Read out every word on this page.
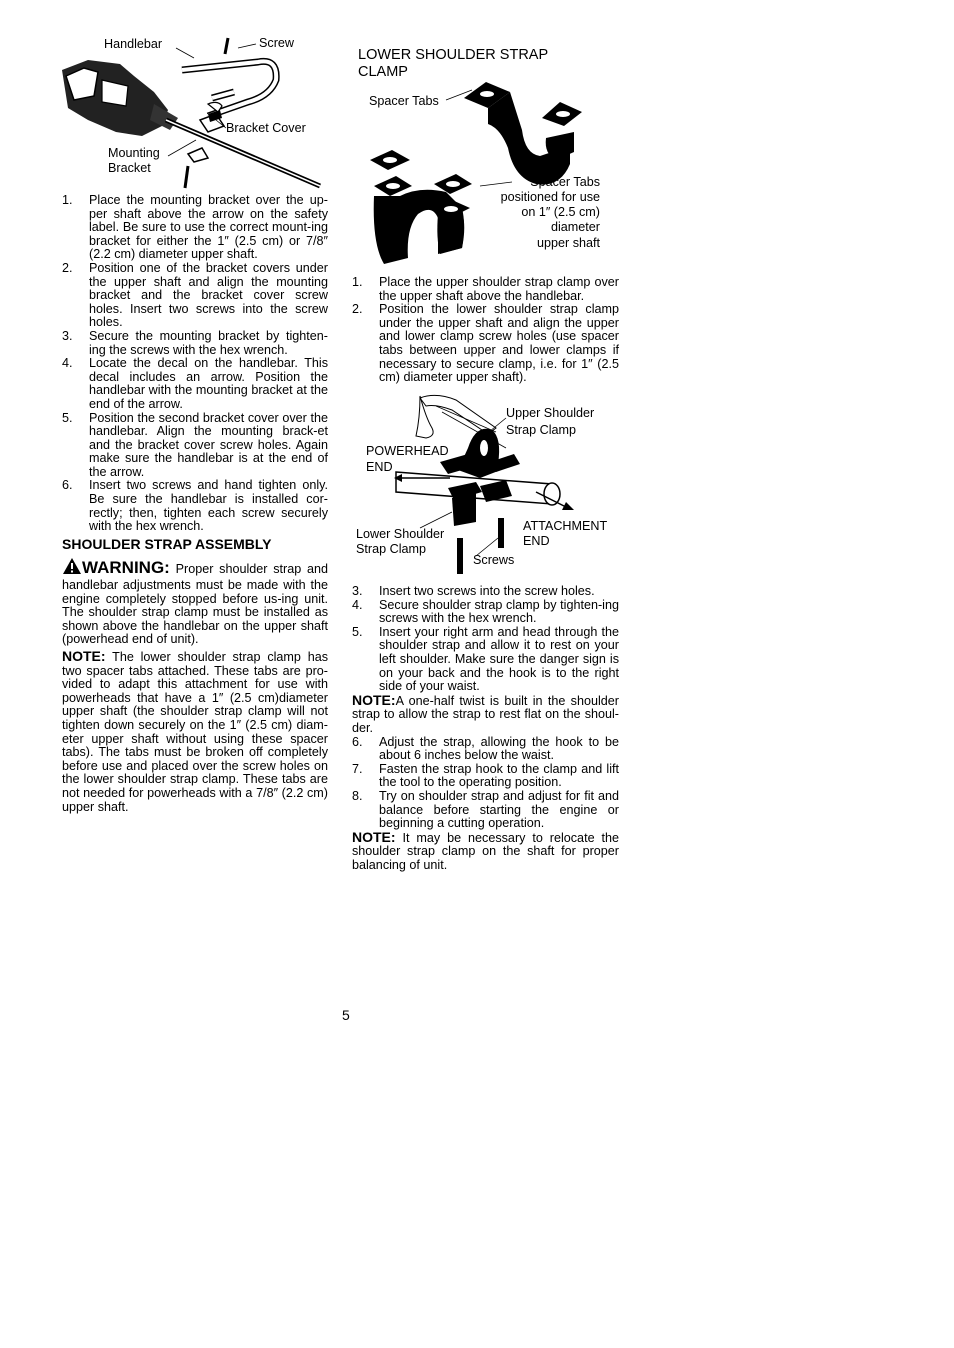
Handlebar	Screw
Bracket Cover
Mounting
Bracket
1. Place the mounting bracket over the up-per shaft above the arrow on the safety label. Be sure to use the correct mount-ing bracket for either the 1″ (2.5 cm) or 7/8″ (2.2 cm) diameter upper shaft.
2. Position one of the bracket covers under the upper shaft and align the mounting bracket and the bracket cover screw holes. Insert two screws into the screw holes.
3. Secure the mounting bracket by tighten-ing the screws with the hex wrench.
4. Locate the decal on the handlebar. This decal includes an arrow. Position the handlebar with the mounting bracket at the end of the arrow.
5. Position the second bracket cover over the handlebar. Align the mounting brack-et and the bracket cover screw holes. Again make sure the handlebar is at the end of the arrow.
6. Insert two screws and hand tighten only. Be sure the handlebar is installed cor-rectly; then, tighten each screw securely with the hex wrench.
SHOULDER STRAP ASSEMBLY

WARNING: Proper shoulder strap and handlebar adjustments must be made with the engine completely stopped before us-ing unit. The shoulder strap clamp must be installed as shown above the handlebar on the upper shaft (powerhead end of unit).

NOTE: The lower shoulder strap clamp has two spacer tabs attached. These tabs are pro-vided to adapt this attachment for use with powerheads that have a 1″ (2.5 cm)diameter upper shaft (the shoulder strap clamp will not tighten down securely on the 1″ (2.5 cm) diam-eter upper shaft without using these spacer tabs). The tabs must be broken off completely before use and placed over the screw holes on the lower shoulder strap clamp. These tabs are not needed for powerheads with a 7/8″ (2.2 cm) upper shaft.

LOWER SHOULDER STRAP
CLAMP
Spacer Tabs
Spacer Tabs
positioned for use
on 1″ (2.5 cm)
diameter
upper shaft
1. Place the upper shoulder strap clamp over the upper shaft above the handlebar.
2. Position the lower shoulder strap clamp under the upper shaft and align the upper and lower clamp screw holes (use spacer tabs between upper and lower clamps if necessary to secure clamp, i.e. for 1″ (2.5 cm) diameter upper shaft).
Upper Shoulder
Strap Clamp
POWERHEAD
END
ATTACHMENT
END
Lower Shoulder
Strap Clamp
Screws
3. Insert two screws into the screw holes.
4. Secure shoulder strap clamp by tighten-ing screws with the hex wrench.
5. Insert your right arm and head through the shoulder strap and allow it to rest on your left shoulder. Make sure the danger sign is on your back and the hook is to the right side of your waist.

NOTE:A one-half twist is built in the shoulder strap to allow the strap to rest flat on the shoul-der.

6. Adjust the strap, allowing the hook to be about 6 inches below the waist.
7. Fasten the strap hook to the clamp and lift the tool to the operating position.
8. Try on shoulder strap and adjust for fit and balance before starting the engine or beginning a cutting operation.

NOTE: It may be necessary to relocate the shoulder strap clamp on the shaft for proper balancing of unit.

5
